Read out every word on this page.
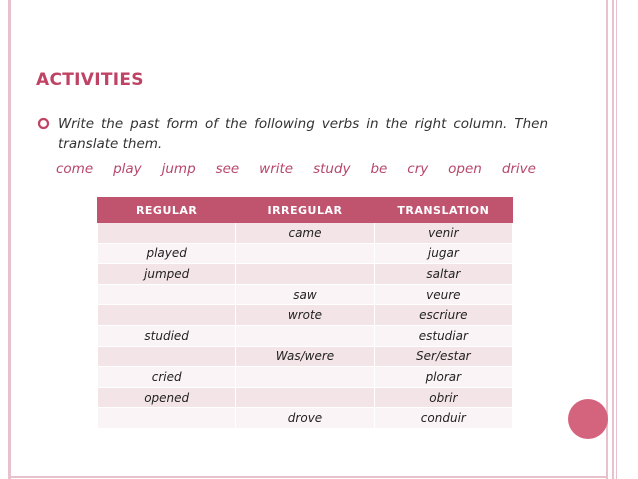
ACTIVITIES
Write the past form of the following verbs in the right column. Then translate them.
come play jump see write study be cry open drive
REGULAR	IRREGULAR	TRANSLATION
	came	venir
played		jugar
jumped		saltar
	saw	veure
	wrote	escriure
studied		estudiar
	Was/were	Ser/estar
cried		plorar
opened		obrir
	drove	conduir
